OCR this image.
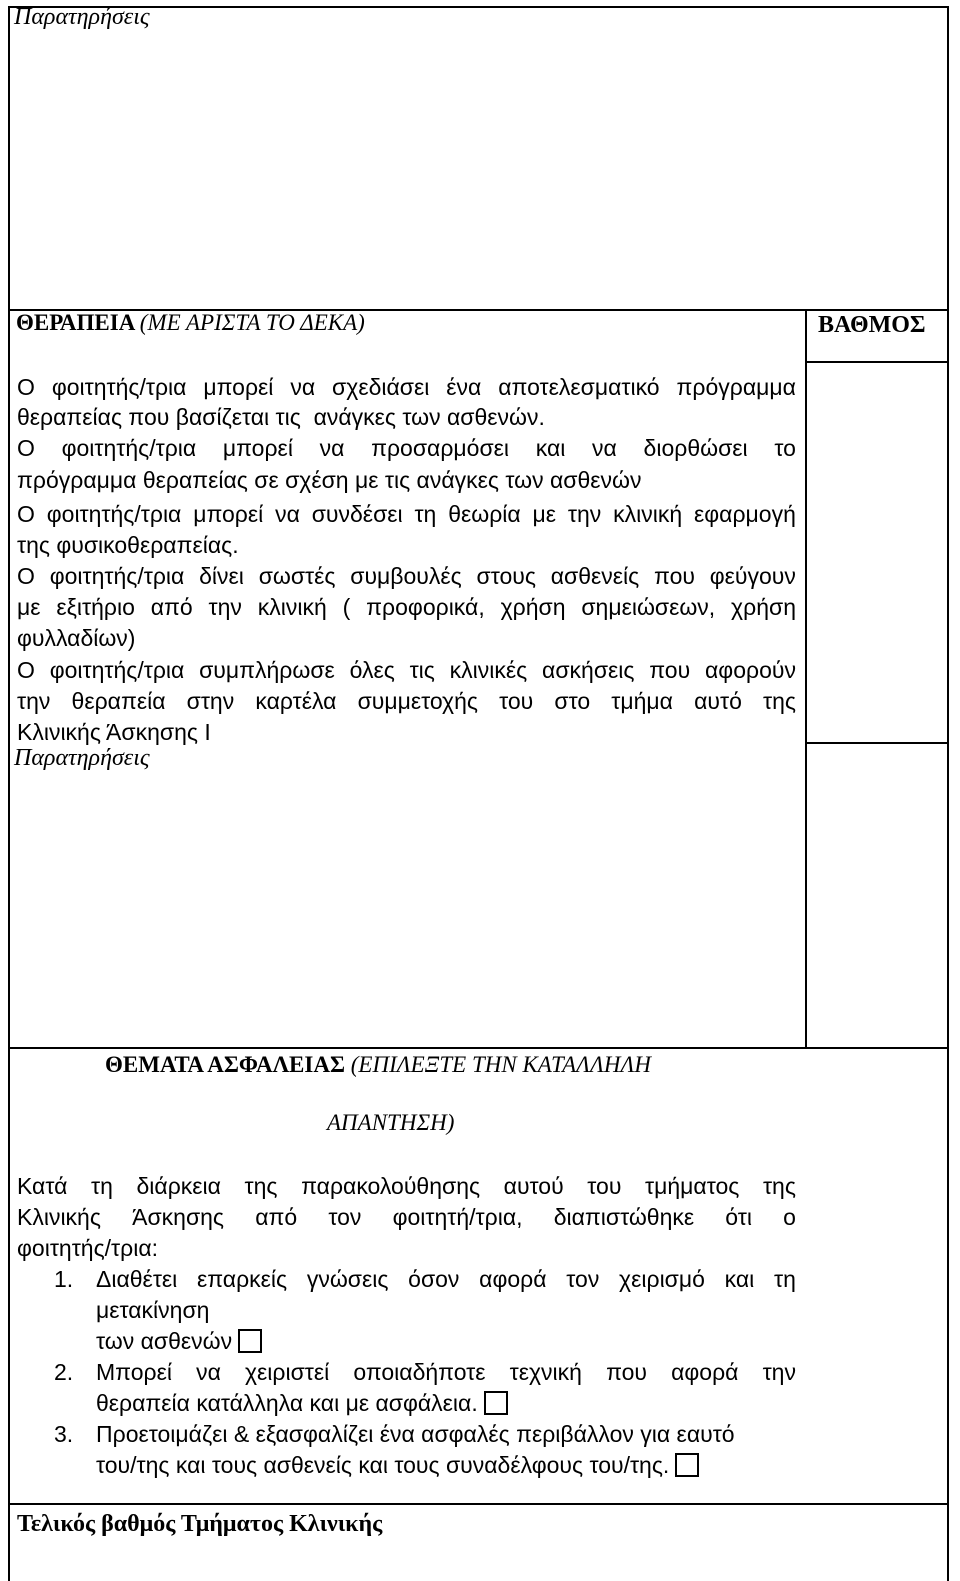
Παρατηρήσεις
ΘΕΡΑΠΕΙΑ (ΜΕ ΑΡΙΣΤΑ ΤΟ ΔΕΚΑ)	ΒΑΘΜΟΣ
Ο φοιτητής/τρια μπορεί να σχεδιάσει ένα αποτελεσματικό πρόγραμμα
θεραπείας που βασίζεται τις  ανάγκες των ασθενών.
Ο φοιτητής/τρια μπορεί να προσαρμόσει και να διορθώσει το
πρόγραμμα θεραπείας σε σχέση με τις ανάγκες των ασθενών
Ο φοιτητής/τρια μπορεί να συνδέσει τη θεωρία με την κλινική εφαρμογή
της φυσικοθεραπείας.
Ο φοιτητής/τρια δίνει σωστές συμβουλές στους ασθενείς που φεύγουν
με εξιτήριο από την κλινική ( προφορικά, χρήση σημειώσεων, χρήση
φυλλαδίων)
Ο φοιτητής/τρια συμπλήρωσε όλες τις κλινικές ασκήσεις που αφορούν
την θεραπεία στην καρτέλα συμμετοχής του στο τμήμα αυτό της
Κλινικής Άσκησης Ι
Παρατηρήσεις
ΘΕΜΑΤΑ ΑΣΦΑΛΕΙΑΣ (ΕΠΙΛΕΞΤΕ ΤΗΝ ΚΑΤΑΛΛΗΛΗ
ΑΠΑΝΤΗΣΗ)
Κατά τη διάρκεια της παρακολούθησης αυτού του τμήματος της
Κλινικής Άσκησης από τον φοιτητή/τρια, διαπιστώθηκε ότι ο
φοιτητής/τρια:
1. Διαθέτει επαρκείς γνώσεις όσον αφορά τον χειρισμό και τη
μετακίνηση
των ασθενών
2. Μπορεί να χειριστεί οποιαδήποτε τεχνική που αφορά την
θεραπεία κατάλληλα και με ασφάλεια.
3. Προετοιμάζει & εξασφαλίζει ένα ασφαλές περιβάλλον για εαυτό
του/της και τους ασθενείς και τους συναδέλφους του/της.
Τελικός βαθμός Τμήματος Κλινικής
